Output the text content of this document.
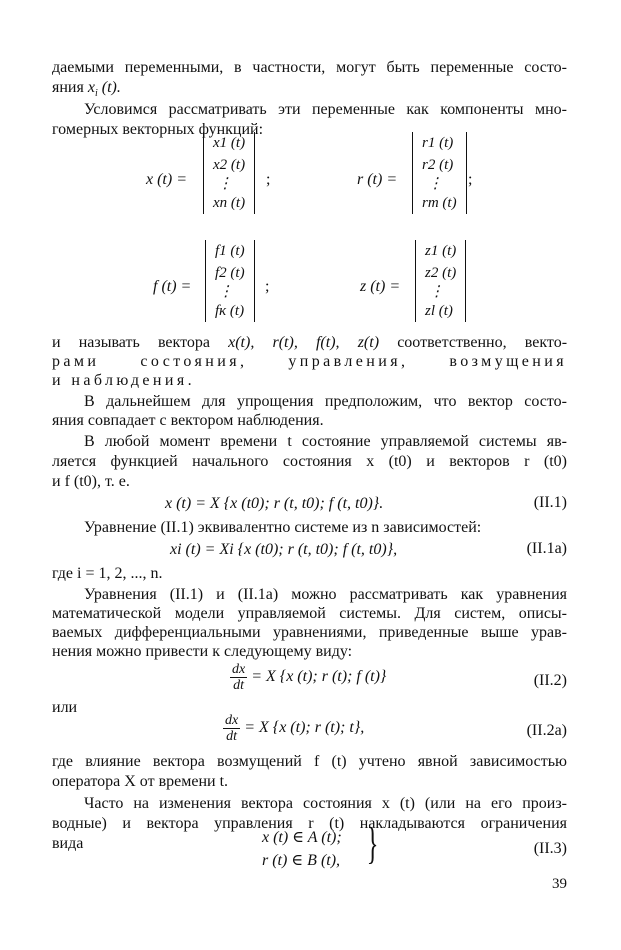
даемыми переменными, в частности, могут быть переменные состо-
яния $x_i$ (t).
Условимся рассматривать эти переменные как компоненты мно-
гомерных векторных функций:
x (t) =
x1 (t)
x2 (t)
⋮
xn (t)
;	r (t) =
r1 (t)
r2 (t)
⋮
rm (t)
;
f (t) =
f1 (t)
f2 (t)
⋮
fк (t)
;	z (t) =
z1 (t)
z2 (t)
⋮
zl (t)
и называть вектора x(t), r(t), f(t), z(t) соответственно, векто-
рами состояния, управления, возмущения
и наблюдения.
В дальнейшем для упрощения предположим, что вектор состо-
яния совпадает с вектором наблюдения.
В любой момент времени t состояние управляемой системы яв-
ляется функцией начального состояния x (t0) и векторов r (t0)
и f (t0), т. е.
x (t) = X {x (t0); r (t, t0); f (t, t0)}.	(II.1)
Уравнение (II.1) эквивалентно системе из n зависимостей:
xi (t) = Xi {x (t0); r (t, t0); f (t, t0)},	(II.1a)
где i = 1, 2, ..., n.
Уравнения (II.1) и (II.1a) можно рассматривать как уравнения
математической модели управляемой системы. Для систем, описы-
ваемых дифференциальными уравнениями, приведенные выше урав-
нения можно привести к следующему виду:
$\frac{dx}{dt} = X$ {x (t); r (t); f (t)}	(II.2)
или
$\frac{dx}{dt} = X$ {x (t); r (t); t},	(II.2a)
где влияние вектора возмущений f (t) учтено явной зависимостью
оператора X от времени t.
Часто на изменения вектора состояния x (t) (или на его произ-
водные) и вектора управления r (t) накладываются ограничения
вида	x (t) ∈ A (t);
r (t) ∈ B (t), }	(II.3)
39
